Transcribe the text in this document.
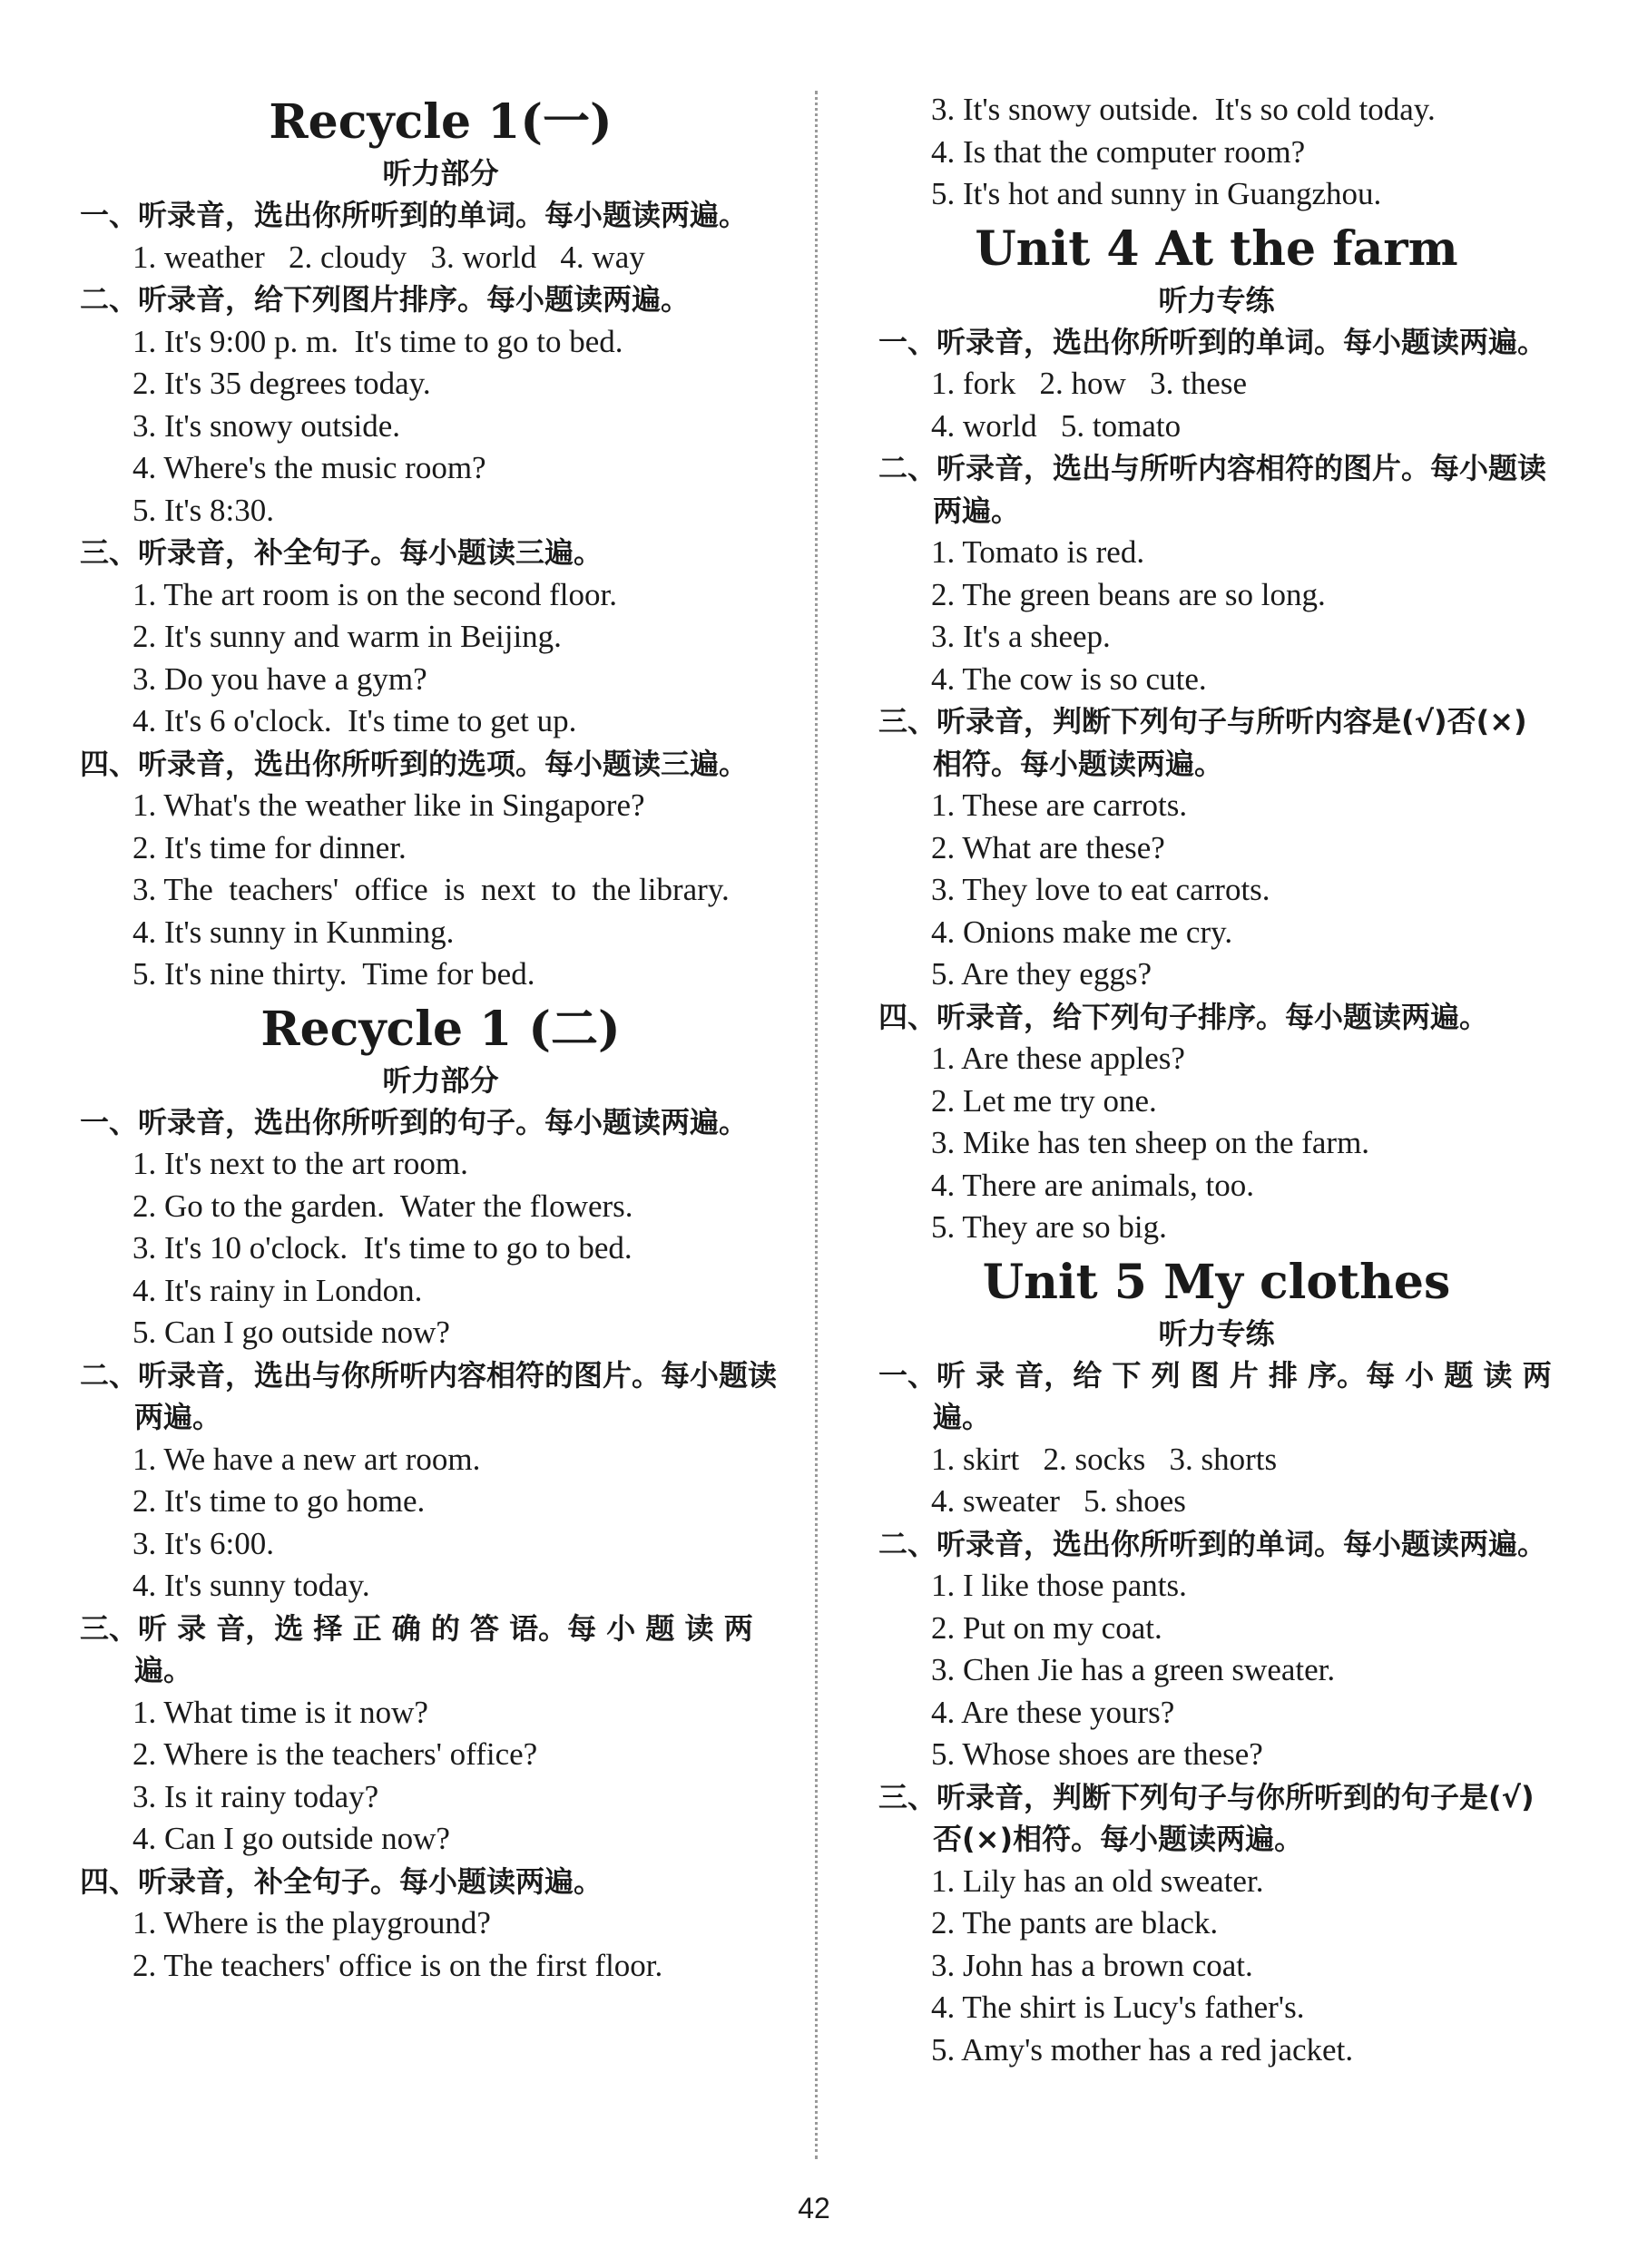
Recycle 1(一)
听力部分
一、听录音，选出你所听到的单词。每小题读两遍。
1. weather   2. cloudy   3. world   4. way
二、听录音，给下列图片排序。每小题读两遍。
1. It's 9:00 p. m.  It's time to go to bed.
2. It's 35 degrees today.
3. It's snowy outside.
4. Where's the music room?
5. It's 8:30.
三、听录音，补全句子。每小题读三遍。
1. The art room is on the second floor.
2. It's sunny and warm in Beijing.
3. Do you have a gym?
4. It's 6 o'clock.  It's time to get up.
四、听录音，选出你所听到的选项。每小题读三遍。
1. What's the weather like in Singapore?
2. It's time for dinner.
3. The  teachers'  office  is  next  to  the library.
4. It's sunny in Kunming.
5. It's nine thirty.  Time for bed.
Recycle 1 (二)
听力部分
一、听录音，选出你所听到的句子。每小题读两遍。
1. It's next to the art room.
2. Go to the garden.  Water the flowers.
3. It's 10 o'clock.  It's time to go to bed.
4. It's rainy in London.
5. Can I go outside now?
二、听录音，选出与你所听内容相符的图片。每小题读两遍。
1. We have a new art room.
2. It's time to go home.
3. It's 6:00.
4. It's sunny today.
三、听 录 音，选 择 正 确 的 答 语。每 小 题 读 两遍。
1. What time is it now?
2. Where is the teachers' office?
3. Is it rainy today?
4. Can I go outside now?
四、听录音，补全句子。每小题读两遍。
1. Where is the playground?
2. The teachers' office is on the first floor.
3. It's snowy outside.  It's so cold today.
4. Is that the computer room?
5. It's hot and sunny in Guangzhou.
Unit 4 At the farm
听力专练
一、听录音，选出你所听到的单词。每小题读两遍。
1. fork   2. how   3. these
4. world   5. tomato
二、听录音，选出与所听内容相符的图片。每小题读两遍。
1. Tomato is red.
2. The green beans are so long.
3. It's a sheep.
4. The cow is so cute.
三、听录音，判断下列句子与所听内容是(√)否(×)相符。每小题读两遍。
1. These are carrots.
2. What are these?
3. They love to eat carrots.
4. Onions make me cry.
5. Are they eggs?
四、听录音，给下列句子排序。每小题读两遍。
1. Are these apples?
2. Let me try one.
3. Mike has ten sheep on the farm.
4. There are animals, too.
5. They are so big.
Unit 5 My clothes
听力专练
一、听 录 音，给 下 列 图 片 排 序。每 小 题 读 两遍。
1. skirt   2. socks   3. shorts
4. sweater   5. shoes
二、听录音，选出你所听到的单词。每小题读两遍。
1. I like those pants.
2. Put on my coat.
3. Chen Jie has a green sweater.
4. Are these yours?
5. Whose shoes are these?
三、听录音，判断下列句子与你所听到的句子是(√)否(×)相符。每小题读两遍。
1. Lily has an old sweater.
2. The pants are black.
3. John has a brown coat.
4. The shirt is Lucy's father's.
5. Amy's mother has a red jacket.
42
